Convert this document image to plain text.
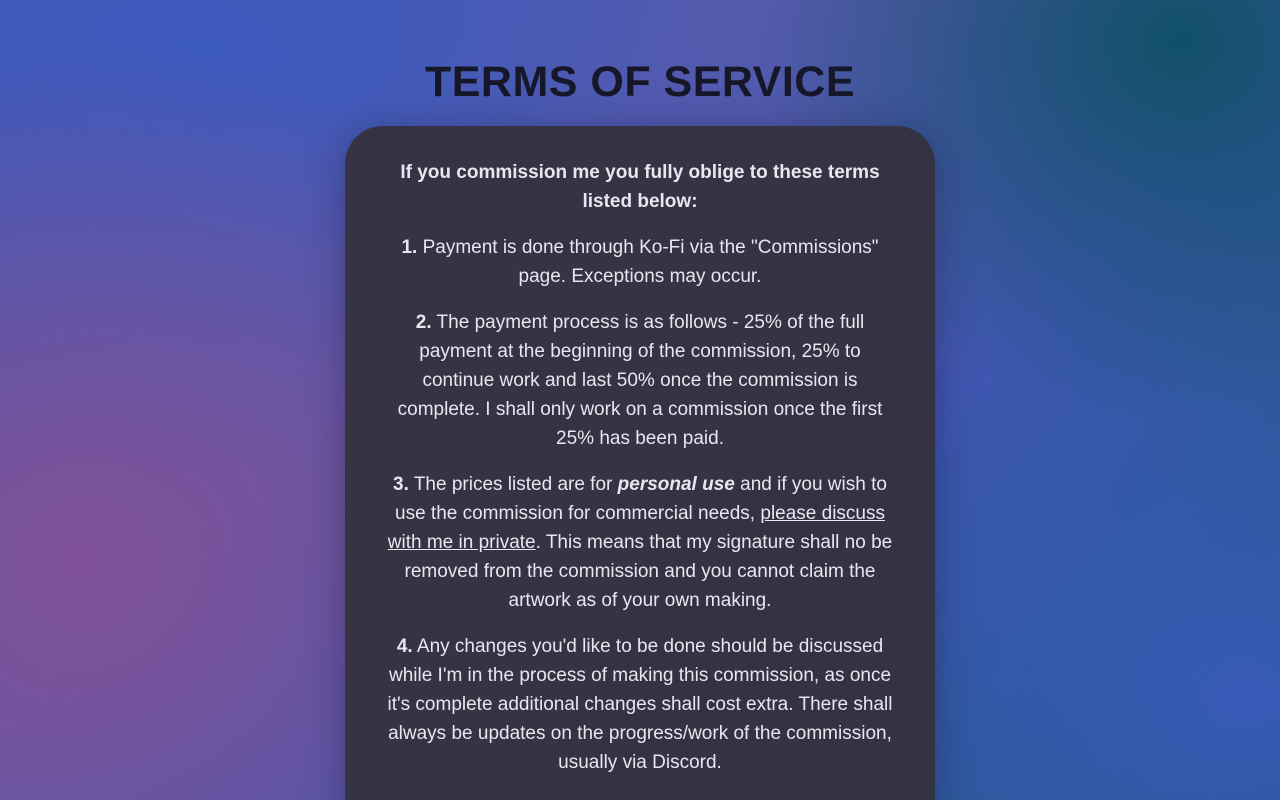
TERMS OF SERVICE

If you commission me you fully oblige to these terms listed below:

1. Payment is done through Ko-Fi via the "Commissions" page. Exceptions may occur.

2. The payment process is as follows - 25% of the full payment at the beginning of the commission, 25% to continue work and last 50% once the commission is complete. I shall only work on a commission once the first 25% has been paid.

3. The prices listed are for personal use and if you wish to use the commission for commercial needs, please discuss with me in private. This means that my signature shall no be removed from the commission and you cannot claim the artwork as of your own making.

4. Any changes you'd like to be done should be discussed while I'm in the process of making this commission, as once it's complete additional changes shall cost extra. There shall always be updates on the progress/work of the commission, usually via Discord.
